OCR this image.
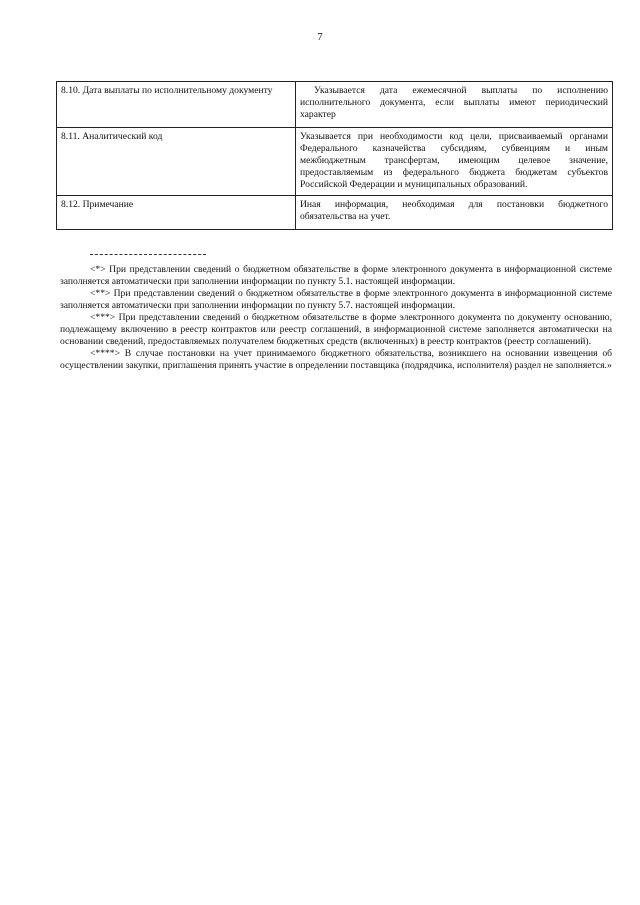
7
8.10. Дата выплаты по исполнительному документу	Указывается дата ежемесячной выплаты по исполнению исполнительного документа, если выплаты имеют периодический характер
8.11. Аналитический код	Указывается при необходимости код цели, присваиваемый органами Федерального казначейства субсидиям, субвенциям и иным межбюджетным трансфертам, имеющим целевое значение, предоставляемым из федерального бюджета бюджетам субъектов Российской Федерации и муниципальных образований.
8.12. Примечание	Иная информация, необходимая для постановки бюджетного обязательства на учет.

<*> При представлении сведений о бюджетном обязательстве в форме электронного документа в информационной системе заполняется автоматически при заполнении информации по пункту 5.1. настоящей информации.

<**> При представлении сведений о бюджетном обязательстве в форме электронного документа в информационной системе заполняется автоматически при заполнении информации по пункту 5.7. настоящей информации.

<***> При представлении сведений о бюджетном обязательстве в форме электронного документа по документу основанию, подлежащему включению в реестр контрактов или реестр соглашений, в информационной системе заполняется автоматически на основании сведений, предоставляемых получателем бюджетных средств (включенных) в реестр контрактов (реестр соглашений).

<****> В случае постановки на учет принимаемого бюджетного обязательства, возникшего на основании извещения об осуществлении закупки, приглашения принять участие в определении поставщика (подрядчика, исполнителя) раздел не заполняется.»
